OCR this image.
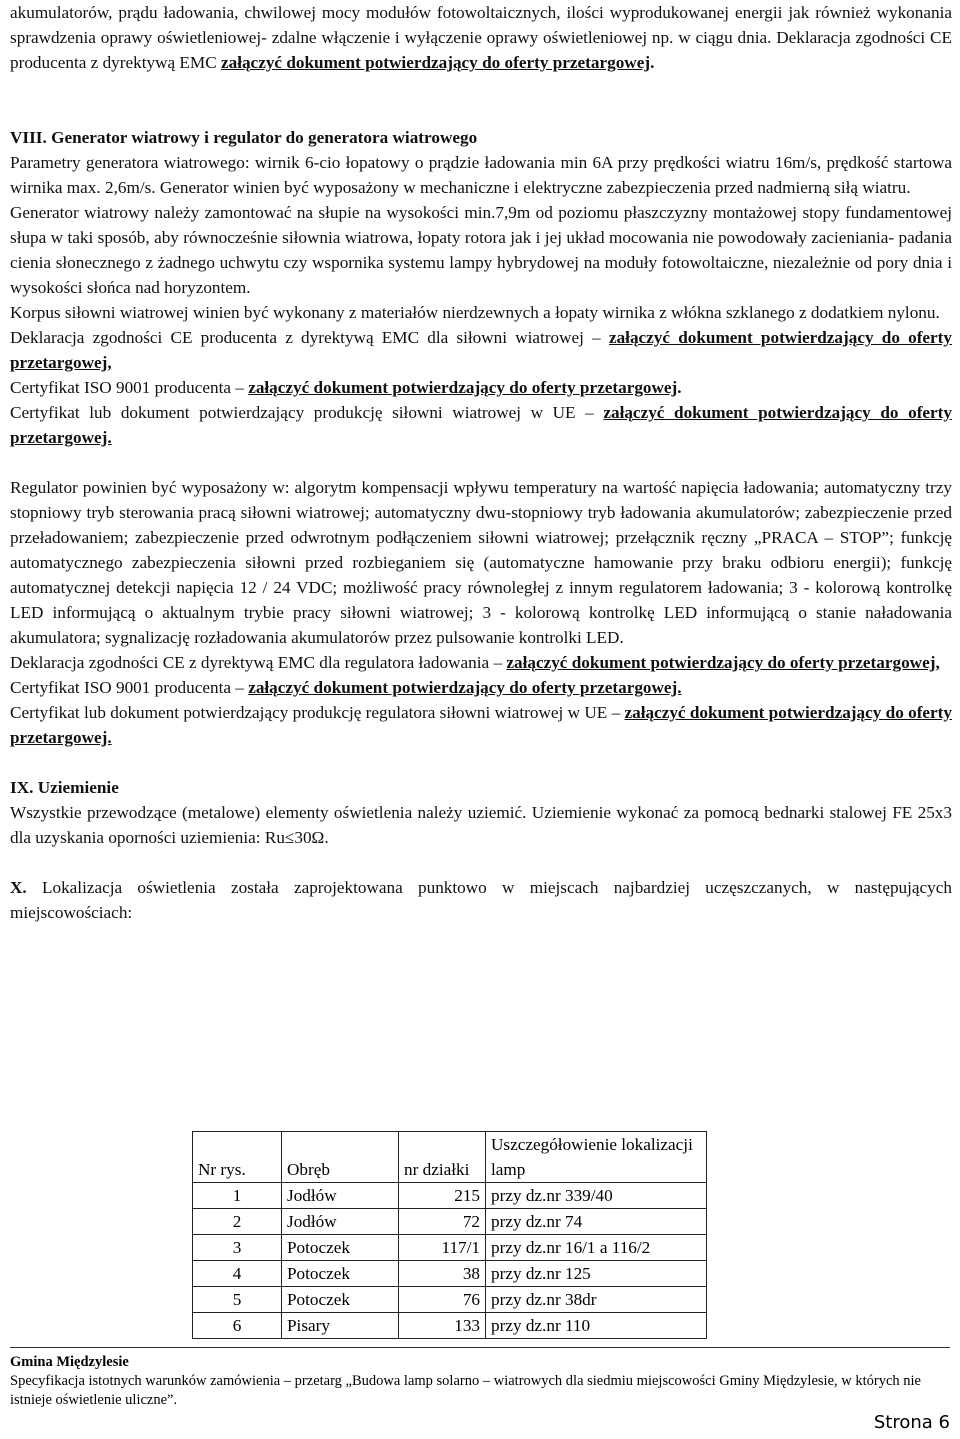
akumulatorów, prądu ładowania, chwilowej mocy modułów fotowoltaicznych, ilości wyprodukowanej energii jak również wykonania sprawdzenia oprawy oświetleniowej- zdalne włączenie i wyłączenie oprawy oświetleniowej np. w ciągu dnia. Deklaracja zgodności CE producenta z dyrektywą EMC załączyć dokument potwierdzający do oferty przetargowej.

VIII. Generator wiatrowy i regulator do generatora wiatrowego

Parametry generatora wiatrowego: wirnik 6-cio łopatowy o prądzie ładowania min 6A przy prędkości wiatru 16m/s, prędkość startowa wirnika max. 2,6m/s. Generator winien być wyposażony w mechaniczne i elektryczne zabezpieczenia przed nadmierną siłą wiatru.

Generator wiatrowy należy zamontować na słupie na wysokości min.7,9m od poziomu płaszczyzny montażowej stopy fundamentowej słupa w taki sposób, aby równocześnie siłownia wiatrowa, łopaty rotora jak i jej układ mocowania nie powodowały zacieniania- padania cienia słonecznego z żadnego uchwytu czy wspornika systemu lampy hybrydowej na moduły fotowoltaiczne, niezależnie od pory dnia i wysokości słońca nad horyzontem.

Korpus siłowni wiatrowej winien być wykonany z materiałów nierdzewnych a łopaty wirnika z włókna szklanego z dodatkiem nylonu.

Deklaracja zgodności CE producenta z dyrektywą EMC dla siłowni wiatrowej – załączyć dokument potwierdzający do oferty przetargowej,

Certyfikat ISO 9001 producenta – załączyć dokument potwierdzający do oferty przetargowej.

Certyfikat lub dokument potwierdzający produkcję siłowni wiatrowej w UE – załączyć dokument potwierdzający do oferty przetargowej.

Regulator powinien być wyposażony w: algorytm kompensacji wpływu temperatury na wartość napięcia ładowania; automatyczny trzy stopniowy tryb sterowania pracą siłowni wiatrowej; automatyczny dwu-stopniowy tryb ładowania akumulatorów; zabezpieczenie przed przeładowaniem; zabezpieczenie przed odwrotnym podłączeniem siłowni wiatrowej; przełącznik ręczny „PRACA – STOP”; funkcję automatycznego zabezpieczenia siłowni przed rozbieganiem się (automatyczne hamowanie przy braku odbioru energii); funkcję automatycznej detekcji napięcia 12 / 24 VDC; możliwość pracy równoległej z innym regulatorem ładowania; 3 - kolorową kontrolkę LED informującą o aktualnym trybie pracy siłowni wiatrowej; 3 - kolorową kontrolkę LED informującą o stanie naładowania akumulatora; sygnalizację rozładowania akumulatorów przez pulsowanie kontrolki LED.

Deklaracja zgodności CE z dyrektywą EMC dla regulatora ładowania – załączyć dokument potwierdzający do oferty przetargowej,

Certyfikat ISO 9001 producenta – załączyć dokument potwierdzający do oferty przetargowej.

Certyfikat lub dokument potwierdzający produkcję regulatora siłowni wiatrowej w UE – załączyć dokument potwierdzający do oferty przetargowej.

IX. Uziemienie

Wszystkie przewodzące (metalowe) elementy oświetlenia należy uziemić. Uziemienie wykonać za pomocą bednarki stalowej FE 25x3 dla uzyskania oporności uziemienia: Ru≤30Ω.

X. Lokalizacja oświetlenia została zaprojektowana punktowo w miejscach najbardziej uczęszczanych, w następujących miejscowościach:

Nr rys.	Obręb	nr działki	Uszczegółowienie lokalizacji lamp
1	Jodłów	215	przy dz.nr 339/40
2	Jodłów	72	przy dz.nr 74
3	Potoczek	117/1	przy dz.nr 16/1 a 116/2
4	Potoczek	38	przy dz.nr 125
5	Potoczek	76	przy dz.nr 38dr
6	Pisary	133	przy dz.nr 110
Gmina Międzylesie
Specyfikacja istotnych warunków zamówienia – przetarg „Budowa lamp solarno – wiatrowych dla siedmiu miejscowości Gminy Międzylesie, w których nie istnieje oświetlenie uliczne”.
Strona 6
